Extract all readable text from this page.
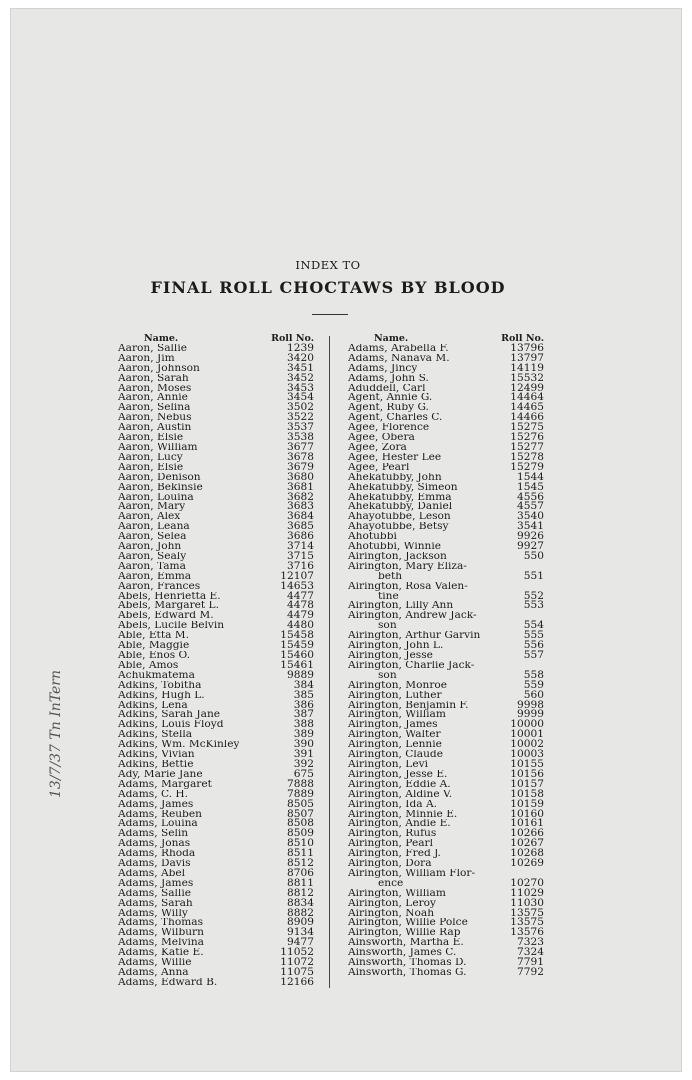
INDEX TO
FINAL ROLL CHOCTAWS BY BLOOD
Name.	Roll No.
Aaron, Sallie	1239
Aaron, Jim	3420
Aaron, Johnson	3451
Aaron, Sarah	3452
Aaron, Moses	3453
Aaron, Annie	3454
Aaron, Selina	3502
Aaron, Nebus	3522
Aaron, Austin	3537
Aaron, Elsie	3538
Aaron, William	3677
Aaron, Lucy	3678
Aaron, Elsie	3679
Aaron, Denison	3680
Aaron, Bekinsie	3681
Aaron, Louina	3682
Aaron, Mary	3683
Aaron, Alex	3684
Aaron, Leana	3685
Aaron, Selea	3686
Aaron, John	3714
Aaron, Sealy	3715
Aaron, Tama	3716
Aaron, Emma	12107
Aaron, Frances	14653
Abels, Henrietta E.	4477
Abels, Margaret L.	4478
Abels, Edward M.	4479
Abels, Lucile Belvin	4480
Able, Etta M.	15458
Able, Maggie	15459
Able, Enos O.	15460
Able, Amos	15461
Achukmatema	9889
Adkins, Tobitha	384
Adkins, Hugh L.	385
Adkins, Lena	386
Adkins, Sarah Jane	387
Adkins, Louis Floyd	388
Adkins, Stella	389
Adkins, Wm. McKinley	390
Adkins, Vivian	391
Adkins, Bettie	392
Ady, Marie Jane	675
Adams, Margaret	7888
Adams, C. H.	7889
Adams, James	8505
Adams, Reuben	8507
Adams, Louina	8508
Adams, Selin	8509
Adams, Jonas	8510
Adams, Rhoda	8511
Adams, Davis	8512
Adams, Abel	8706
Adams, James	8811
Adams, Sallie	8812
Adams, Sarah	8834
Adams, Willy	8882
Adams, Thomas	8909
Adams, Wilburn	9134
Adams, Melvina	9477
Adams, Katie E.	11052
Adams, Willie	11072
Adams, Anna	11075
Adams, Edward B.	12166
Name.	Roll No.
Adams, Arabella F.	13796
Adams, Nanava M.	13797
Adams, Jincy	14119
Adams, John S.	15532
Aduddell, Carl	12499
Agent, Annie G.	14464
Agent, Ruby G.	14465
Agent, Charles C.	14466
Agee, Florence	15275
Agee, Obera	15276
Agee, Zora	15277
Agee, Hester Lee	15278
Agee, Pearl	15279
Ahekatubby, John	1544
Ahekatubby, Simeon	1545
Ahekatubby, Emma	4556
Ahekatubby, Daniel	4557
Ahayotubbe, Leson	3540
Ahayotubbe, Betsy	3541
Ahotubbi	9926
Ahotubbi, Winnie	9927
Airington, Jackson	550
Airington, Mary Eliza-
beth	551
Airington, Rosa Valen-
tine	552
Airington, Lilly Ann	553
Airington, Andrew Jack-
son	554
Airington, Arthur Garvin	555
Airington, John L.	556
Airington, Jesse	557
Airington, Charlie Jack-
son	558
Airington, Monroe	559
Airington, Luther	560
Airington, Benjamin F.	9998
Airington, William	9999
Airington, James	10000
Airington, Walter	10001
Airington, Lennie	10002
Airington, Claude	10003
Airington, Levi	10155
Airington, Jesse E.	10156
Airington, Eddie A.	10157
Airington, Aldine V.	10158
Airington, Ida A.	10159
Airington, Minnie E.	10160
Airington, Andie E.	10161
Airington, Rufus	10266
Airington, Pearl	10267
Airington, Fred J.	10268
Airington, Dora	10269
Airington, William Flor-
ence	10270
Airington, William	11029
Airington, Leroy	11030
Airington, Noah	13575
Airington, Willie Polce	13575
Airington, Willie Rap	13576
Ainsworth, Martha E.	7323
Ainsworth, James C.	7324
Ainsworth, Thomas D.	7791
Ainsworth, Thomas G.	7792
13/7/37 Tn InTern
